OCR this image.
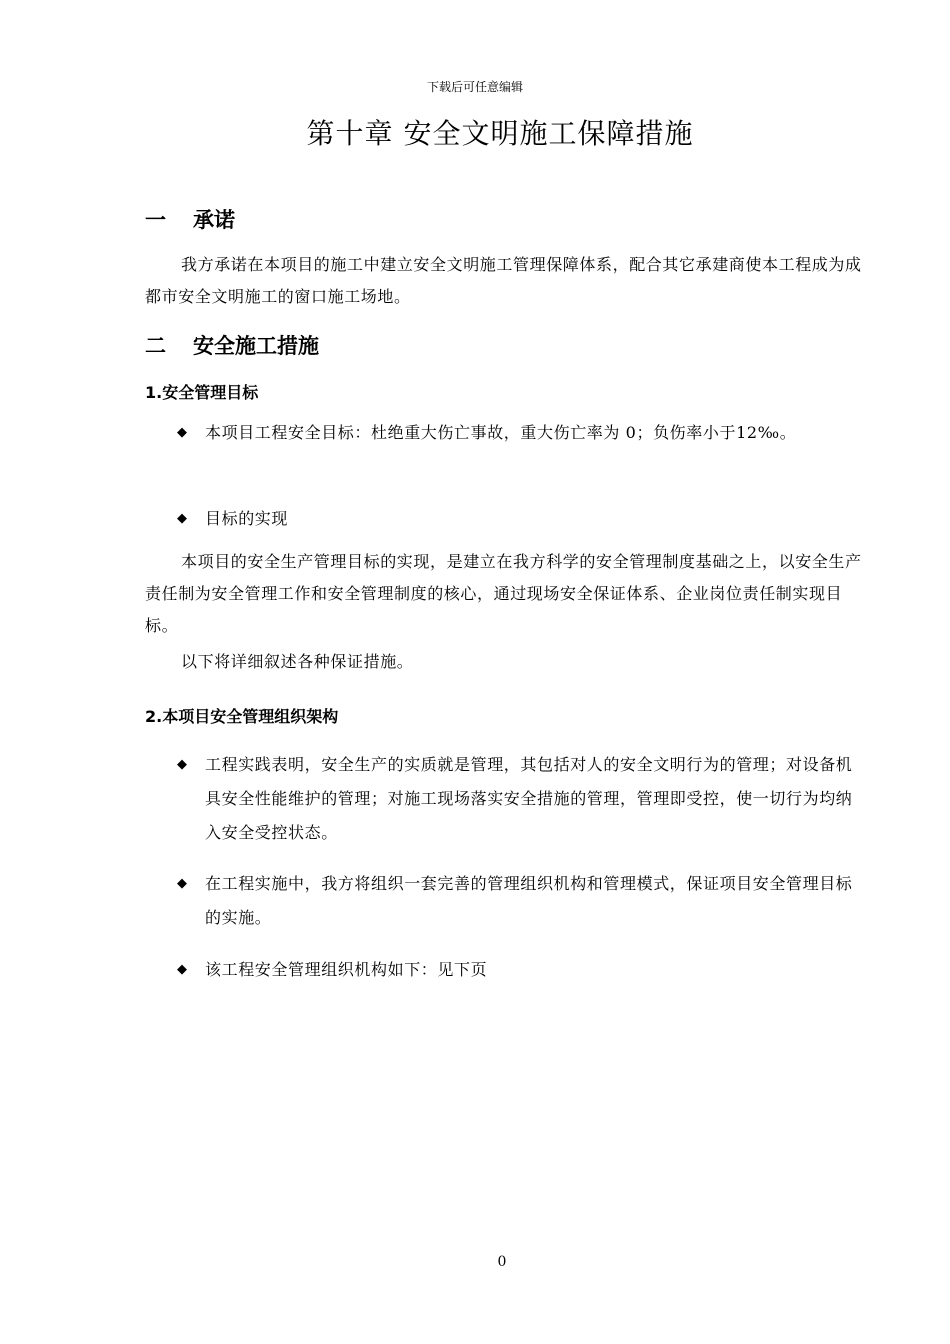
下载后可任意编辑
第十章 安全文明施工保障措施
一 承诺
我方承诺在本项目的施工中建立安全文明施工管理保障体系，配合其它承建商使本工程成为成都市安全文明施工的窗口施工场地。
二 安全施工措施
1.安全管理目标
◆	本项目工程安全目标：杜绝重大伤亡事故，重大伤亡率为 0；负伤率小于12‰。
◆	目标的实现
本项目的安全生产管理目标的实现，是建立在我方科学的安全管理制度基础之上，以安全生产责任制为安全管理工作和安全管理制度的核心，通过现场安全保证体系、企业岗位责任制实现目标。
以下将详细叙述各种保证措施。
2.本项目安全管理组织架构
◆	工程实践表明，安全生产的实质就是管理，其包括对人的安全文明行为的管理；对设备机具安全性能维护的管理；对施工现场落实安全措施的管理，管理即受控，使一切行为均纳入安全受控状态。
◆	在工程实施中，我方将组织一套完善的管理组织机构和管理模式，保证项目安全管理目标的实施。
◆	该工程安全管理组织机构如下：见下页
0
